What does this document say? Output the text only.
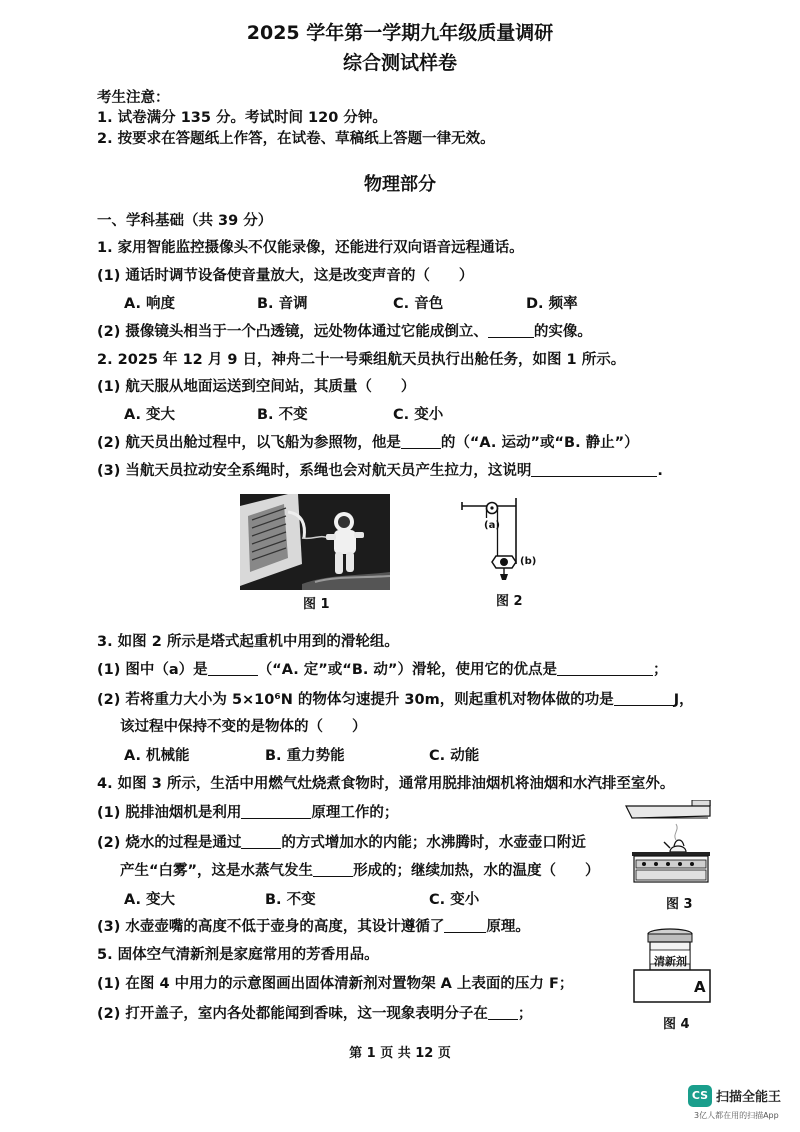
2025 学年第一学期九年级质量调研
综合测试样卷
考生注意：
1. 试卷满分 135 分。考试时间 120 分钟。
2. 按要求在答题纸上作答，在试卷、草稿纸上答题一律无效。
物理部分
一、学科基础（共 39 分）
1. 家用智能监控摄像头不仅能录像，还能进行双向语音远程通话。
(1) 通话时调节设备使音量放大，这是改变声音的（　　）
A. 响度	B. 音调	C. 音色	D. 频率
(2) 摄像镜头相当于一个凸透镜，远处物体通过它能成倒立、	的实像。
2. 2025 年 12 月 9 日，神舟二十一号乘组航天员执行出舱任务，如图 1 所示。
(1) 航天服从地面运送到空间站，其质量（　　）
A. 变大	B. 不变	C. 变小
(2) 航天员出舱过程中，以飞船为参照物，他是	的（“A. 运动”或“B. 静止”）
(3) 当航天员拉动安全系绳时，系绳也会对航天员产生拉力，这说明	.
图 1
(a)
(b)
图 2
3. 如图 2 所示是塔式起重机中用到的滑轮组。
(1) 图中（a）是	（“A. 定”或“B. 动”）滑轮，使用它的优点是	；
(2) 若将重力大小为 5×10⁶N 的物体匀速提升 30m，则起重机对物体做的功是	J，
该过程中保持不变的是物体的（　　）
A. 机械能	B. 重力势能	C. 动能
4. 如图 3 所示，生活中用燃气灶烧煮食物时，通常用脱排油烟机将油烟和水汽排至室外。
(1) 脱排油烟机是利用	原理工作的；
(2) 烧水的过程是通过	的方式增加水的内能；水沸腾时，水壶壶口附近
产生“白雾”，这是水蒸气发生	形成的；继续加热，水的温度（　　）
A. 变大	B. 不变	C. 变小
(3) 水壶壶嘴的高度不低于壶身的高度，其设计遵循了	原理。
图 3
5. 固体空气清新剂是家庭常用的芳香用品。
(1) 在图 4 中用力的示意图画出固体清新剂对置物架 A 上表面的压力 F；
(2) 打开盖子，室内各处都能闻到香味，这一现象表明分子在 ；
清新剂
A
图 4
第 1 页 共 12 页
CS 扫描全能王
3亿人都在用的扫描App
